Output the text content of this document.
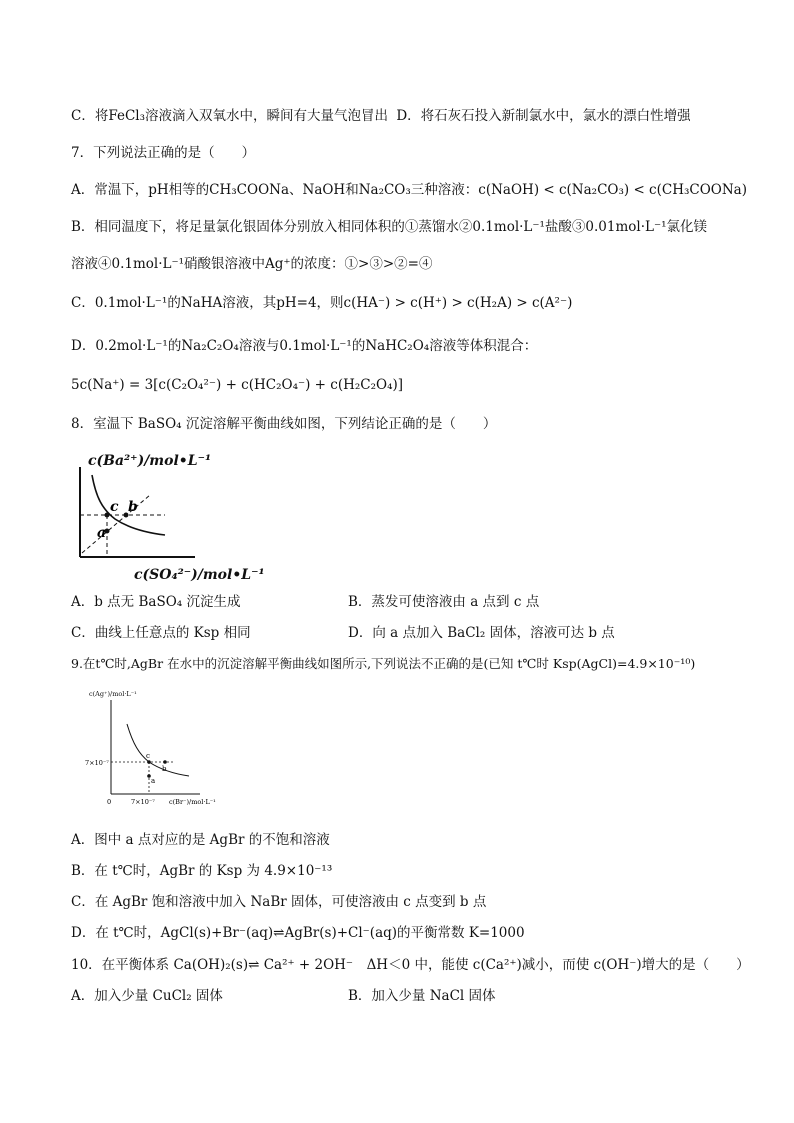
C．将FeCl₃溶液滴入双氧水中，瞬间有大量气泡冒出 D．将石灰石投入新制氯水中，氯水的漂白性增强
7．下列说法正确的是（　　）
A．常温下，pH相等的CH₃COONa、NaOH和Na₂CO₃三种溶液：c(NaOH) < c(Na₂CO₃) < c(CH₃COONa)
B．相同温度下，将足量氯化银固体分别放入相同体积的①蒸馏水②0.1mol·L⁻¹盐酸③0.01mol·L⁻¹氯化镁
溶液④0.1mol·L⁻¹硝酸银溶液中Ag⁺的浓度：①>③>②=④
C．0.1mol·L⁻¹的NaHA溶液，其pH=4，则c(HA⁻) > c(H⁺) > c(H₂A) > c(A²⁻)
D．0.2mol·L⁻¹的Na₂C₂O₄溶液与0.1mol·L⁻¹的NaHC₂O₄溶液等体积混合：
5c(Na⁺) = 3[c(C₂O₄²⁻) + c(HC₂O₄⁻) + c(H₂C₂O₄)]
8．室温下 BaSO₄ 沉淀溶解平衡曲线如图，下列结论正确的是（　　）
c(Ba²⁺)/mol•L⁻¹
c b
a
c(SO₄²⁻)/mol•L⁻¹
A．b 点无 BaSO₄ 沉淀生成	B．蒸发可使溶液由 a 点到 c 点
C．曲线上任意点的 Ksp 相同	D．向 a 点加入 BaCl₂ 固体，溶液可达 b 点
9.在t℃时,AgBr 在水中的沉淀溶解平衡曲线如图所示,下列说法不正确的是(已知 t℃时 Ksp(AgCl)=4.9×10⁻¹⁰)
c(Ag⁺)/mol·L⁻¹
c
b
a
7×10⁻⁷
0	7×10⁻⁷ c(Br⁻)/mol·L⁻¹
A．图中 a 点对应的是 AgBr 的不饱和溶液
B．在 t℃时，AgBr 的 Ksp 为 4.9×10⁻¹³
C．在 AgBr 饱和溶液中加入 NaBr 固体，可使溶液由 c 点变到 b 点
D．在 t℃时，AgCl(s)+Br⁻(aq)⇌AgBr(s)+Cl⁻(aq)的平衡常数 K=1000
10．在平衡体系 Ca(OH)₂(s)⇌ Ca²⁺ + 2OH⁻　ΔH＜0 中，能使 c(Ca²⁺)减小，而使 c(OH⁻)增大的是（　　）
A．加入少量 CuCl₂ 固体	B．加入少量 NaCl 固体
